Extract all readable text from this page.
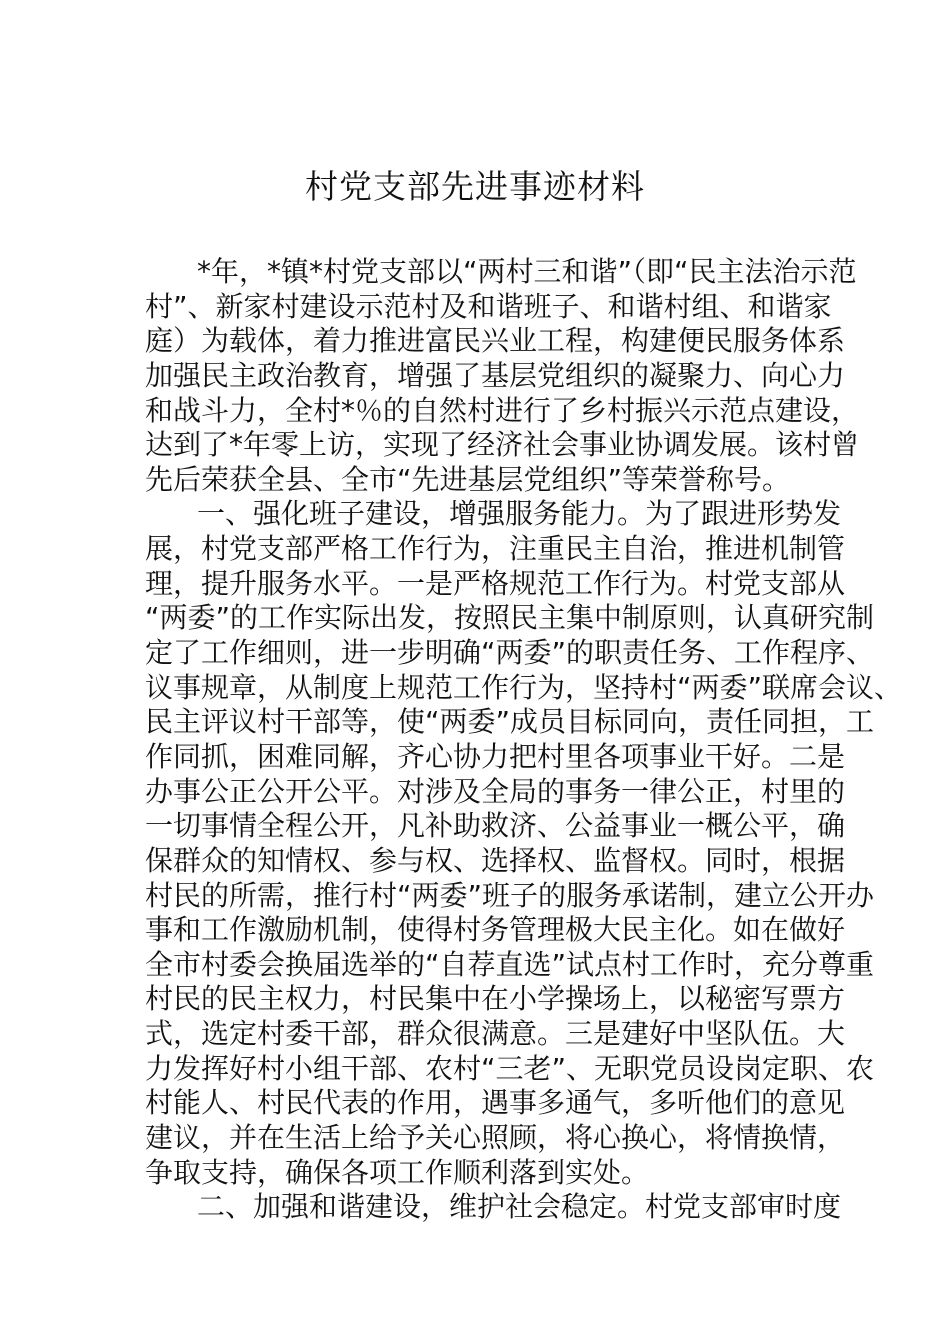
村党支部先进事迹材料
*年，*镇*村党支部以“两村三和谐”（即“民主法治示范
村”、新家村建设示范村及和谐班子、和谐村组、和谐家
庭）为载体，着力推进富民兴业工程，构建便民服务体系
加强民主政治教育，增强了基层党组织的凝聚力、向心力
和战斗力，全村*％的自然村进行了乡村振兴示范点建设，
达到了*年零上访，实现了经济社会事业协调发展。该村曾
先后荣获全县、全市“先进基层党组织”等荣誉称号。
一、强化班子建设，增强服务能力。为了跟进形势发
展，村党支部严格工作行为，注重民主自治，推进机制管
理，提升服务水平。一是严格规范工作行为。村党支部从
“两委”的工作实际出发，按照民主集中制原则，认真研究制
定了工作细则，进一步明确“两委”的职责任务、工作程序、
议事规章，从制度上规范工作行为，坚持村“两委”联席会议、
民主评议村干部等，使“两委”成员目标同向，责任同担，工
作同抓，困难同解，齐心协力把村里各项事业干好。二是
办事公正公开公平。对涉及全局的事务一律公正，村里的
一切事情全程公开，凡补助救济、公益事业一概公平，确
保群众的知情权、参与权、选择权、监督权。同时，根据
村民的所需，推行村“两委”班子的服务承诺制，建立公开办
事和工作激励机制，使得村务管理极大民主化。如在做好
全市村委会换届选举的“自荐直选”试点村工作时，充分尊重
村民的民主权力，村民集中在小学操场上，以秘密写票方
式，选定村委干部，群众很满意。三是建好中坚队伍。大
力发挥好村小组干部、农村“三老”、无职党员设岗定职、农
村能人、村民代表的作用，遇事多通气，多听他们的意见
建议，并在生活上给予关心照顾，将心换心，将情换情，
争取支持，确保各项工作顺利落到实处。
二、加强和谐建设，维护社会稳定。村党支部审时度
